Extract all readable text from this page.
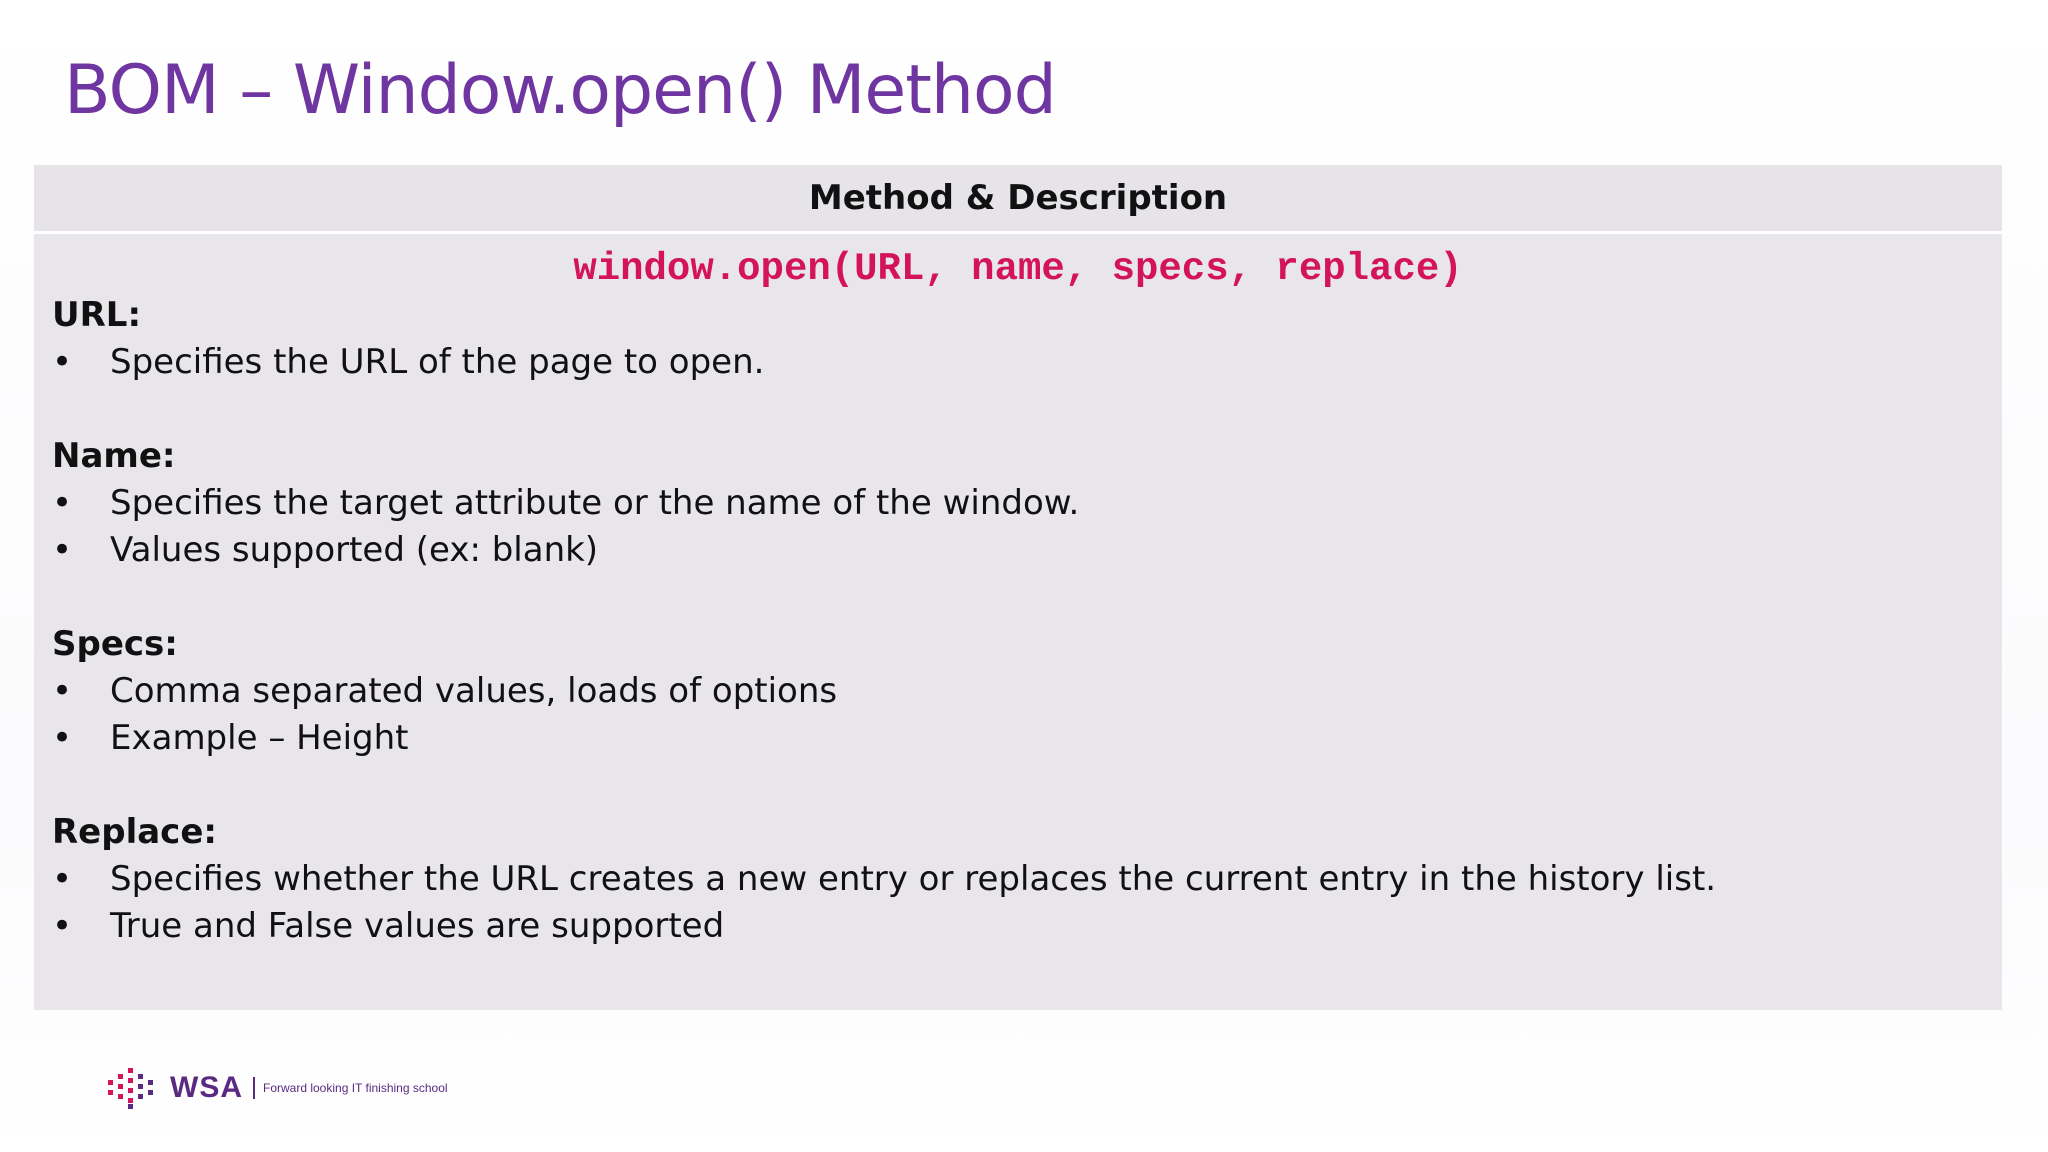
BOM – Window.open() Method
Method & Description
window.open(URL, name, specs, replace)
URL:
•	Specifies the URL of the page to open.
Name:
•	Specifies the target attribute or the name of the window.
•	Values supported (ex: blank)
Specs:
•	Comma separated values, loads of options
•	Example – Height
Replace:
•	Specifies whether the URL creates a new entry or replaces the current entry in the history list.
•	True and False values are supported
WSA Forward looking IT finishing school
